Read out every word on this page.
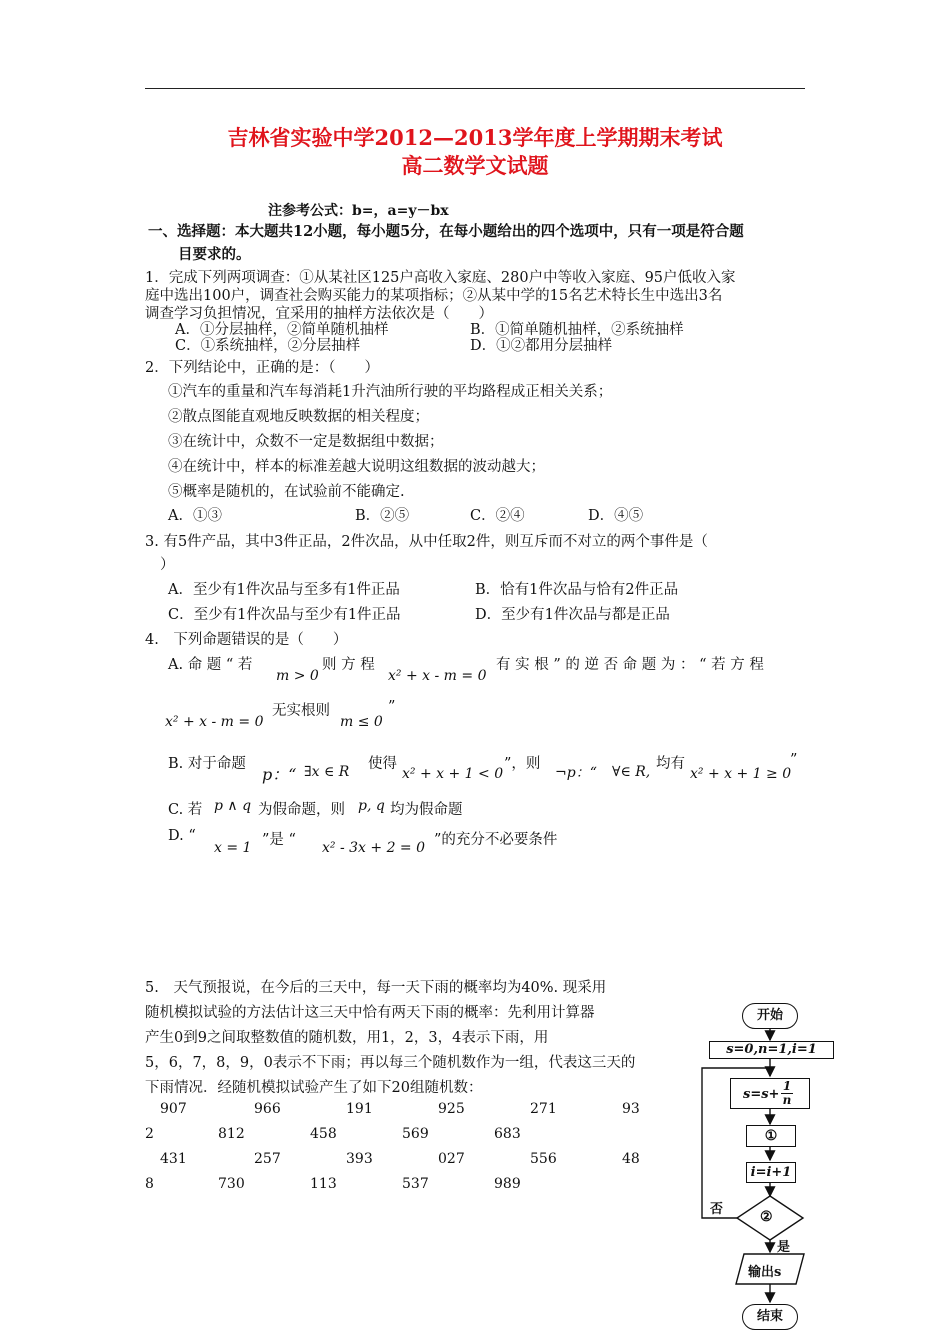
吉林省实验中学2012—2013学年度上学期期末考试
高二数学文试题
注参考公式：b=，a=y－bx
一、选择题：本大题共12小题，每小题5分，在每小题给出的四个选项中，只有一项是符合题
目要求的。
1．完成下列两项调查：①从某社区125户高收入家庭、280户中等收入家庭、95户低收入家
庭中选出100户，调查社会购买能力的某项指标；②从某中学的15名艺术特长生中选出3名
调查学习负担情况，宜采用的抽样方法依次是（　　）
A．①分层抽样，②简单随机抽样	B．①简单随机抽样，②系统抽样
C．①系统抽样，②分层抽样	D．①②都用分层抽样
2．下列结论中，正确的是：（　　）
①汽车的重量和汽车每消耗1升汽油所行驶的平均路程成正相关关系；
②散点图能直观地反映数据的相关程度；
③在统计中，众数不一定是数据组中数据；
④在统计中，样本的标准差越大说明这组数据的波动越大；
⑤概率是随机的，在试验前不能确定.
A．①③	B．②⑤	C．②④	D．④⑤
3. 有5件产品，其中3件正品，2件次品，从中任取2件，则互斥而不对立的两个事件是（
）
A．至少有1件次品与至多有1件正品	B．恰有1件次品与恰有2件正品
C．至少有1件次品与至少有1件正品	D．至少有1件次品与都是正品
4.　下列命题错误的是（　　）
A. 命 题 “ 若
m > 0
则 方 程
x² + x - m = 0
有 实 根 ” 的 逆 否 命 题 为 ： “ 若 方 程
x² + x - m = 0
无实根则
m ≤ 0
”
B. 对于命题
p：“ ∃x ∈ R 使得
x² + x + 1 < 0
”，则
¬p：“ ∀∈ R, 均有
x² + x + 1 ≥ 0
”
C. 若 p ∧ q 为假命题，则 p, q 均为假命题
D. “
x = 1 ”是 “ x² - 3x + 2 = 0 ”的充分不必要条件
5.　天气预报说，在今后的三天中，每一天下雨的概率均为40%. 现采用
随机模拟试验的方法估计这三天中恰有两天下雨的概率：先利用计算器
产生0到9之间取整数值的随机数，用1，2，3，4表示下雨，用
5，6，7，8，9，0表示不下雨；再以每三个随机数作为一组，代表这三天的
下雨情况．经随机模拟试验产生了如下20组随机数：
907	966	191	925	271	93
2	812	458	569	683
431	257	393	027	556	48
8	730	113	537	989
开始
s=0,n=1,i=1
s=s+
1
n
①
i=i+1
②
否
是
输出s
结束
